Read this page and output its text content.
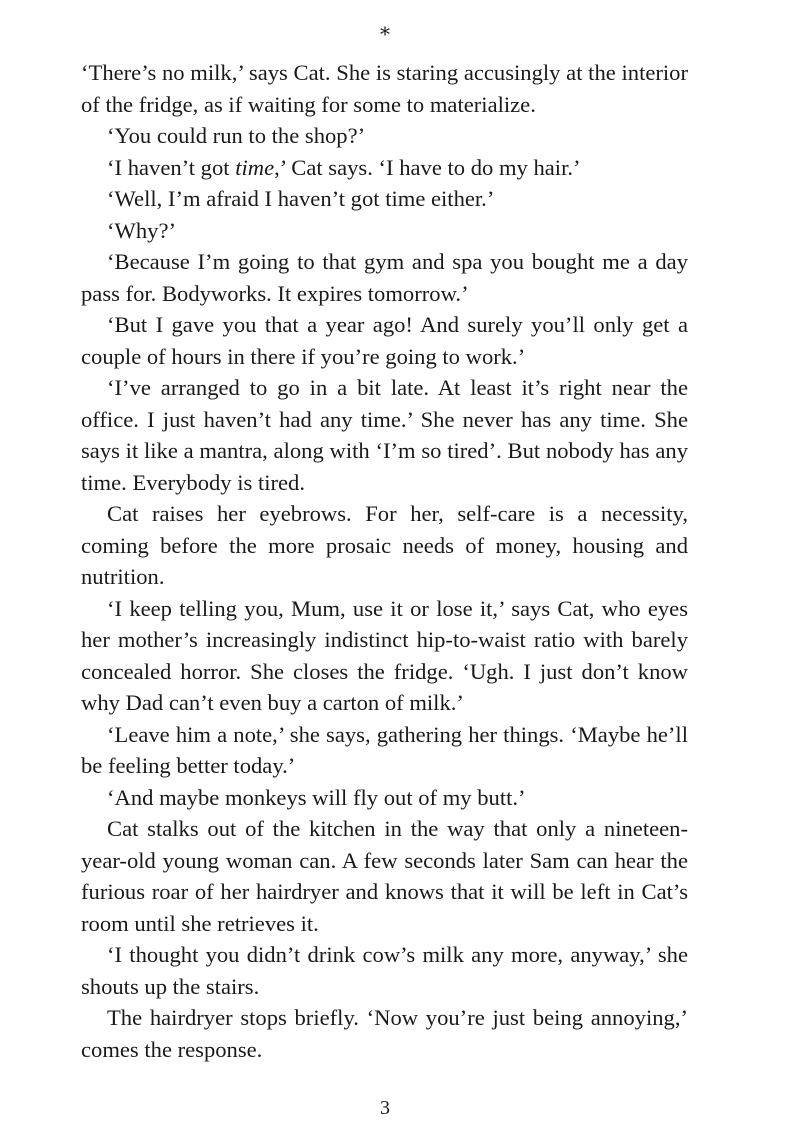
*

‘There’s no milk,’ says Cat. She is staring accusingly at the interior of the fridge, as if waiting for some to materialize.

‘You could run to the shop?’

‘I haven’t got time,’ Cat says. ‘I have to do my hair.’

‘Well, I’m afraid I haven’t got time either.’

‘Why?’

‘Because I’m going to that gym and spa you bought me a day pass for. Bodyworks. It expires tomorrow.’

‘But I gave you that a year ago! And surely you’ll only get a couple of hours in there if you’re going to work.’

‘I’ve arranged to go in a bit late. At least it’s right near the office. I just haven’t had any time.’ She never has any time. She says it like a mantra, along with ‘I’m so tired’. But nobody has any time. Everybody is tired.

Cat raises her eyebrows. For her, self-care is a necessity, coming before the more prosaic needs of money, housing and nutrition.

‘I keep telling you, Mum, use it or lose it,’ says Cat, who eyes her mother’s increasingly indistinct hip-to-waist ratio with barely concealed horror. She closes the fridge. ‘Ugh. I just don’t know why Dad can’t even buy a carton of milk.’

‘Leave him a note,’ she says, gathering her things. ‘Maybe he’ll be feeling better today.’

‘And maybe monkeys will fly out of my butt.’

Cat stalks out of the kitchen in the way that only a nineteen-year-old young woman can. A few seconds later Sam can hear the furious roar of her hairdryer and knows that it will be left in Cat’s room until she retrieves it.

‘I thought you didn’t drink cow’s milk any more, anyway,’ she shouts up the stairs.

The hairdryer stops briefly. ‘Now you’re just being annoying,’ comes the response.

3
